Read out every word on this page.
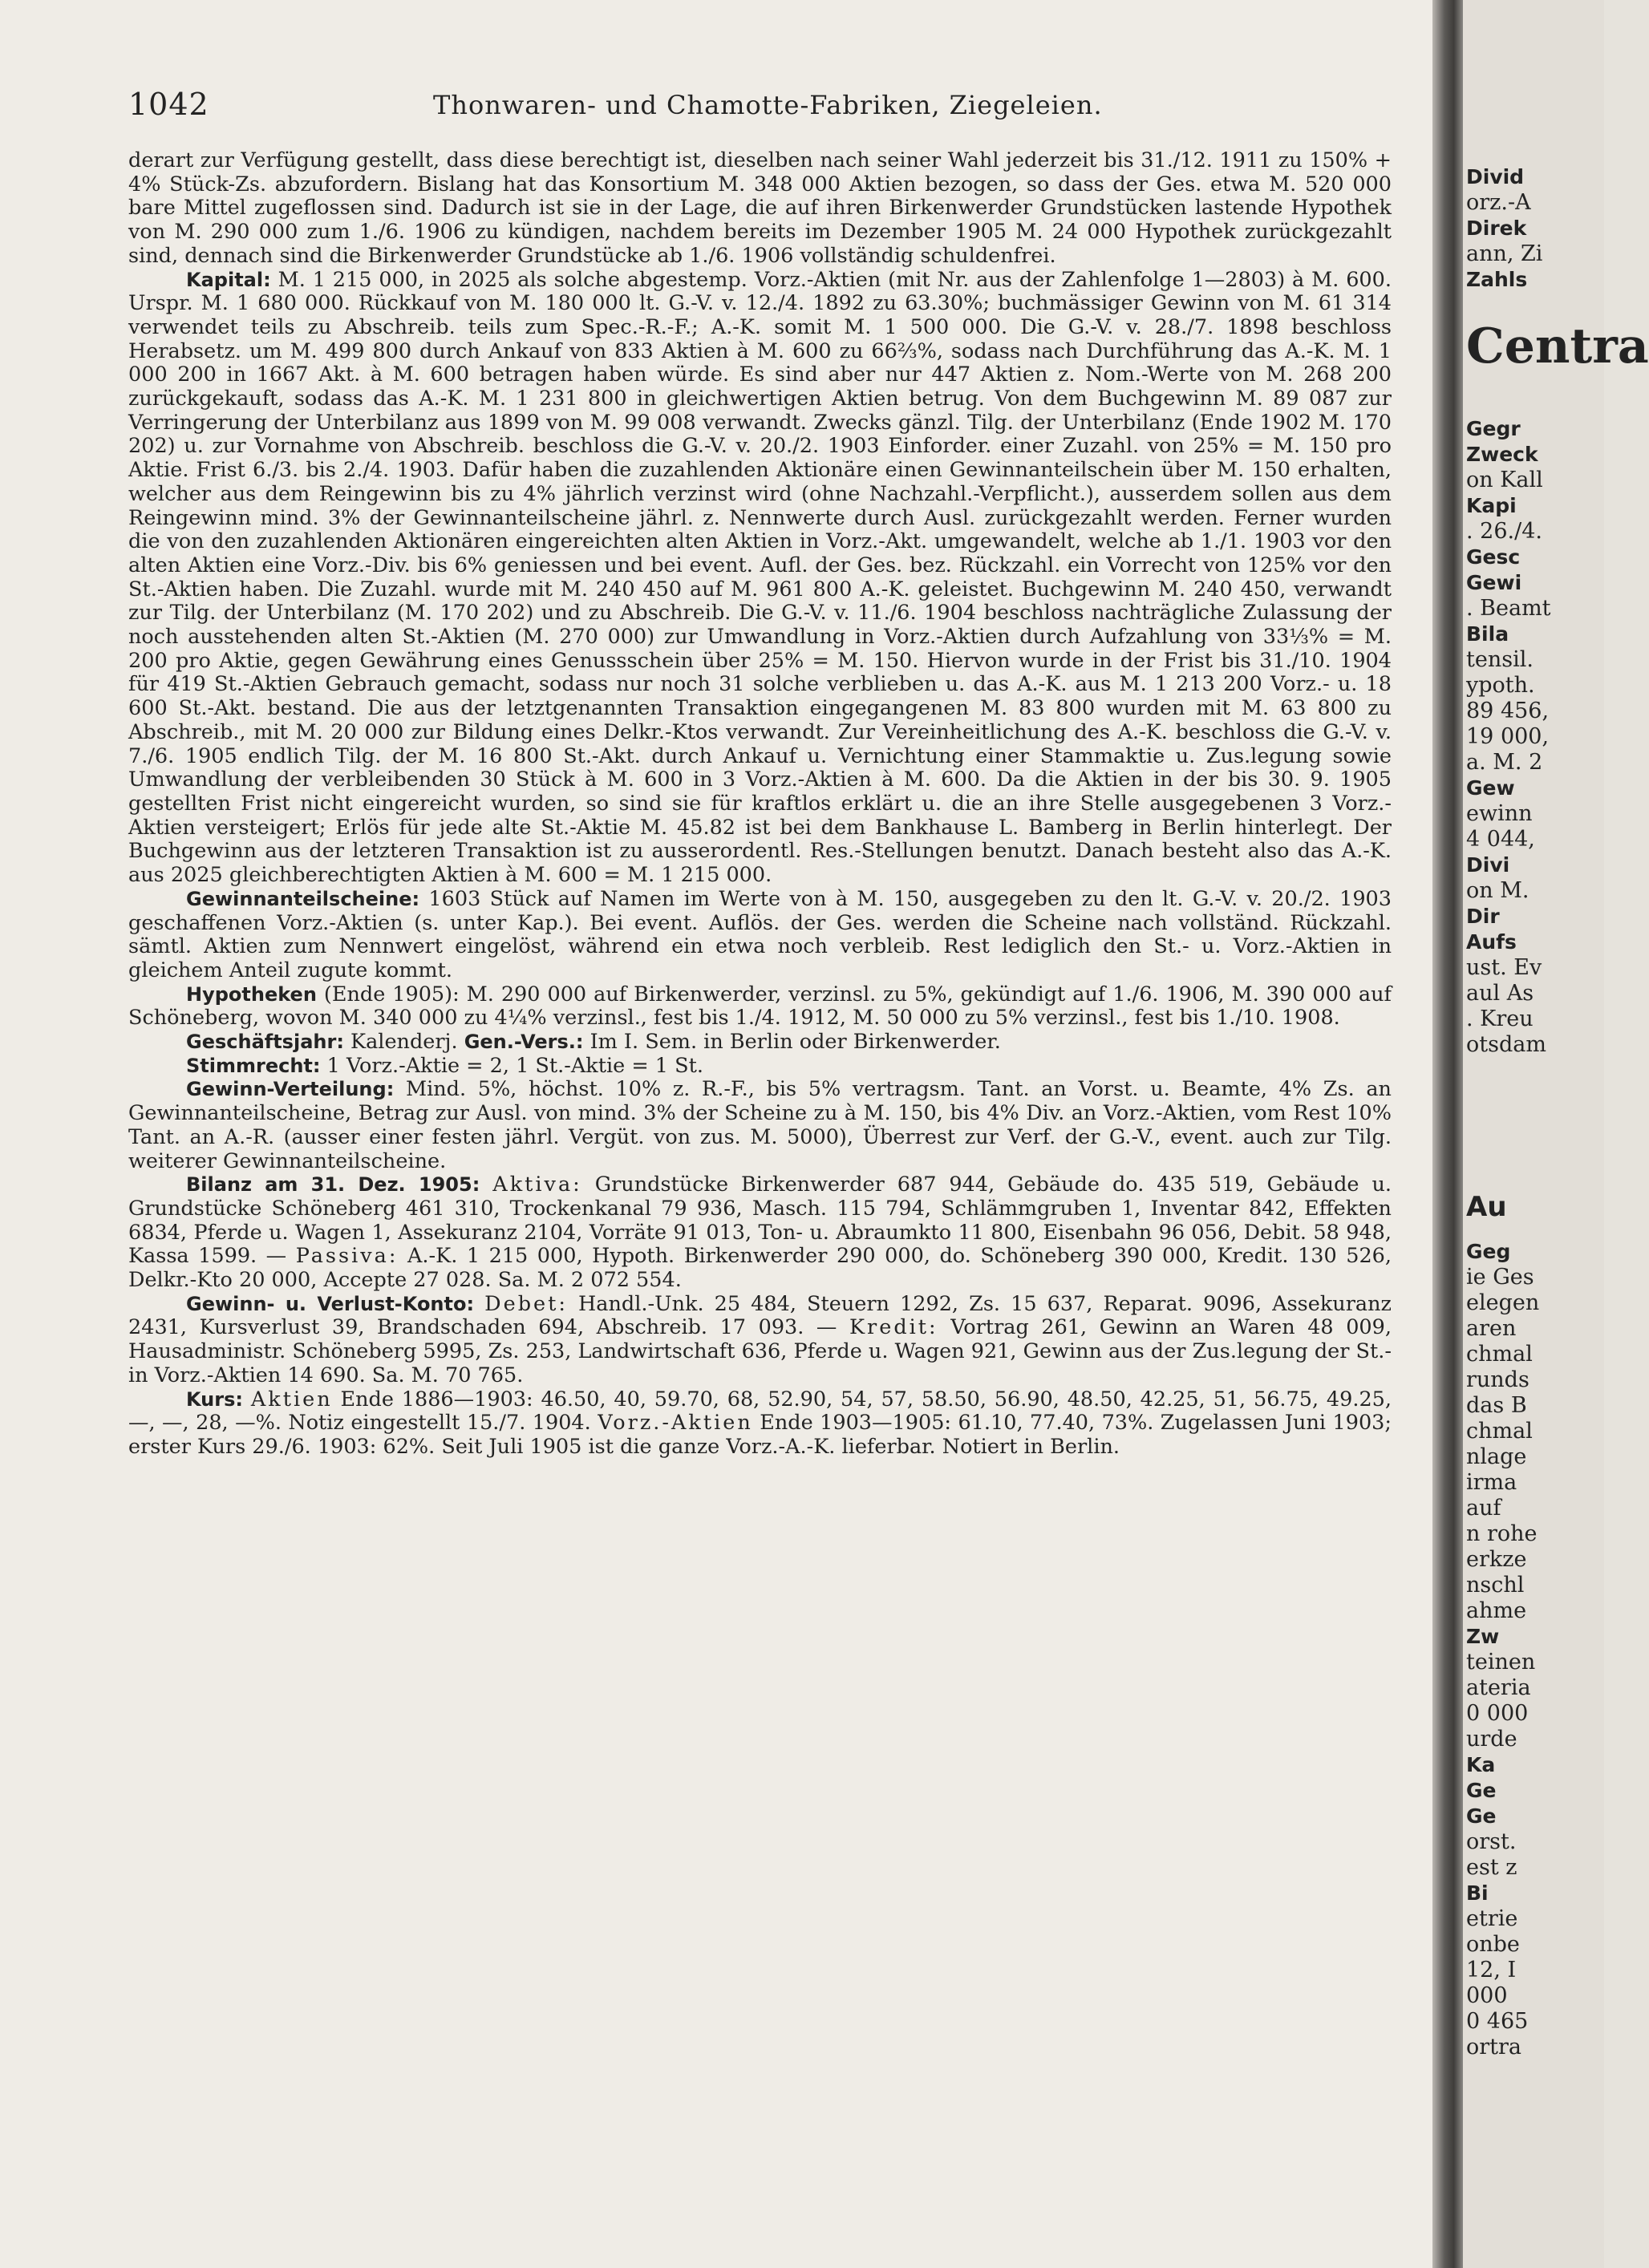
1042	Thonwaren- und Chamotte-Fabriken, Ziegeleien.

derart zur Verfügung gestellt, dass diese berechtigt ist, dieselben nach seiner Wahl jederzeit bis 31./12. 1911 zu 150% + 4% Stück-Zs. abzufordern. Bislang hat das Konsortium M. 348 000 Aktien bezogen, so dass der Ges. etwa M. 520 000 bare Mittel zugeflossen sind. Dadurch ist sie in der Lage, die auf ihren Birkenwerder Grundstücken lastende Hypothek von M. 290 000 zum 1./6. 1906 zu kündigen, nachdem bereits im Dezember 1905 M. 24 000 Hypothek zurückgezahlt sind, dennach sind die Birkenwerder Grundstücke ab 1./6. 1906 vollständig schuldenfrei.

Kapital: M. 1 215 000, in 2025 als solche abgestemp. Vorz.-Aktien (mit Nr. aus der Zahlenfolge 1—2803) à M. 600. Urspr. M. 1 680 000. Rückkauf von M. 180 000 lt. G.-V. v. 12./4. 1892 zu 63.30%; buchmässiger Gewinn von M. 61 314 verwendet teils zu Abschreib. teils zum Spec.-R.-F.; A.-K. somit M. 1 500 000. Die G.-V. v. 28./7. 1898 beschloss Herabsetz. um M. 499 800 durch Ankauf von 833 Aktien à M. 600 zu 66⅔%, sodass nach Durchführung das A.-K. M. 1 000 200 in 1667 Akt. à M. 600 betragen haben würde. Es sind aber nur 447 Aktien z. Nom.-Werte von M. 268 200 zurückgekauft, sodass das A.-K. M. 1 231 800 in gleichwertigen Aktien betrug. Von dem Buchgewinn M. 89 087 zur Verringerung der Unterbilanz aus 1899 von M. 99 008 verwandt. Zwecks gänzl. Tilg. der Unterbilanz (Ende 1902 M. 170 202) u. zur Vornahme von Abschreib. beschloss die G.-V. v. 20./2. 1903 Einforder. einer Zuzahl. von 25% = M. 150 pro Aktie. Frist 6./3. bis 2./4. 1903. Dafür haben die zuzahlenden Aktionäre einen Gewinnanteilschein über M. 150 erhalten, welcher aus dem Reingewinn bis zu 4% jährlich verzinst wird (ohne Nachzahl.-Verpflicht.), ausserdem sollen aus dem Reingewinn mind. 3% der Gewinnanteilscheine jährl. z. Nennwerte durch Ausl. zurückgezahlt werden. Ferner wurden die von den zuzahlenden Aktionären eingereichten alten Aktien in Vorz.-Akt. umgewandelt, welche ab 1./1. 1903 vor den alten Aktien eine Vorz.-Div. bis 6% geniessen und bei event. Aufl. der Ges. bez. Rückzahl. ein Vorrecht von 125% vor den St.-Aktien haben. Die Zuzahl. wurde mit M. 240 450 auf M. 961 800 A.-K. geleistet. Buchgewinn M. 240 450, verwandt zur Tilg. der Unterbilanz (M. 170 202) und zu Abschreib. Die G.-V. v. 11./6. 1904 beschloss nachträgliche Zulassung der noch ausstehenden alten St.-Aktien (M. 270 000) zur Umwandlung in Vorz.-Aktien durch Aufzahlung von 33⅓% = M. 200 pro Aktie, gegen Gewährung eines Genussschein über 25% = M. 150. Hiervon wurde in der Frist bis 31./10. 1904 für 419 St.-Aktien Gebrauch gemacht, sodass nur noch 31 solche verblieben u. das A.-K. aus M. 1 213 200 Vorz.- u. 18 600 St.-Akt. bestand. Die aus der letztgenannten Transaktion eingegangenen M. 83 800 wurden mit M. 63 800 zu Abschreib., mit M. 20 000 zur Bildung eines Delkr.-Ktos verwandt. Zur Vereinheitlichung des A.-K. beschloss die G.-V. v. 7./6. 1905 endlich Tilg. der M. 16 800 St.-Akt. durch Ankauf u. Vernichtung einer Stammaktie u. Zus.legung sowie Umwandlung der verbleibenden 30 Stück à M. 600 in 3 Vorz.-Aktien à M. 600. Da die Aktien in der bis 30. 9. 1905 gestellten Frist nicht eingereicht wurden, so sind sie für kraftlos erklärt u. die an ihre Stelle ausgegebenen 3 Vorz.-Aktien versteigert; Erlös für jede alte St.-Aktie M. 45.82 ist bei dem Bankhause L. Bamberg in Berlin hinterlegt. Der Buchgewinn aus der letzteren Transaktion ist zu ausserordentl. Res.-Stellungen benutzt. Danach besteht also das A.-K. aus 2025 gleichberechtigten Aktien à M. 600 = M. 1 215 000.

Gewinnanteilscheine: 1603 Stück auf Namen im Werte von à M. 150, ausgegeben zu den lt. G.-V. v. 20./2. 1903 geschaffenen Vorz.-Aktien (s. unter Kap.). Bei event. Auflös. der Ges. werden die Scheine nach vollständ. Rückzahl. sämtl. Aktien zum Nennwert eingelöst, während ein etwa noch verbleib. Rest lediglich den St.- u. Vorz.-Aktien in gleichem Anteil zugute kommt.

Hypotheken (Ende 1905): M. 290 000 auf Birkenwerder, verzinsl. zu 5%, gekündigt auf 1./6. 1906, M. 390 000 auf Schöneberg, wovon M. 340 000 zu 4¼% verzinsl., fest bis 1./4. 1912, M. 50 000 zu 5% verzinsl., fest bis 1./10. 1908.

Geschäftsjahr: Kalenderj. Gen.-Vers.: Im I. Sem. in Berlin oder Birkenwerder.

Stimmrecht: 1 Vorz.-Aktie = 2, 1 St.-Aktie = 1 St.

Gewinn-Verteilung: Mind. 5%, höchst. 10% z. R.-F., bis 5% vertragsm. Tant. an Vorst. u. Beamte, 4% Zs. an Gewinnanteilscheine, Betrag zur Ausl. von mind. 3% der Scheine zu à M. 150, bis 4% Div. an Vorz.-Aktien, vom Rest 10% Tant. an A.-R. (ausser einer festen jährl. Vergüt. von zus. M. 5000), Überrest zur Verf. der G.-V., event. auch zur Tilg. weiterer Gewinnanteilscheine.

Bilanz am 31. Dez. 1905: Aktiva: Grundstücke Birkenwerder 687 944, Gebäude do. 435 519, Gebäude u. Grundstücke Schöneberg 461 310, Trockenkanal 79 936, Masch. 115 794, Schlämmgruben 1, Inventar 842, Effekten 6834, Pferde u. Wagen 1, Assekuranz 2104, Vorräte 91 013, Ton- u. Abraumkto 11 800, Eisenbahn 96 056, Debit. 58 948, Kassa 1599. — Passiva: A.-K. 1 215 000, Hypoth. Birkenwerder 290 000, do. Schöneberg 390 000, Kredit. 130 526, Delkr.-Kto 20 000, Accepte 27 028. Sa. M. 2 072 554.

Gewinn- u. Verlust-Konto: Debet: Handl.-Unk. 25 484, Steuern 1292, Zs. 15 637, Reparat. 9096, Assekuranz 2431, Kursverlust 39, Brandschaden 694, Abschreib. 17 093. — Kredit: Vortrag 261, Gewinn an Waren 48 009, Hausadministr. Schöneberg 5995, Zs. 253, Landwirtschaft 636, Pferde u. Wagen 921, Gewinn aus der Zus.legung der St.- in Vorz.-Aktien 14 690. Sa. M. 70 765.

Kurs: Aktien Ende 1886—1903: 46.50, 40, 59.70, 68, 52.90, 54, 57, 58.50, 56.90, 48.50, 42.25, 51, 56.75, 49.25, —, —, 28, —%. Notiz eingestellt 15./7. 1904. Vorz.-Aktien Ende 1903—1905: 61.10, 77.40, 73%. Zugelassen Juni 1903; erster Kurs 29./6. 1903: 62%. Seit Juli 1905 ist die ganze Vorz.-A.-K. lieferbar. Notiert in Berlin.

Divid
orz.-A
Direk
ann, Zi
Zahls
Centra
Gegr
Zweck
on Kall
Kapi
. 26./4.
Gesc
Gewi
. Beamt
Bila
tensil.
ypoth.
89 456,
19 000,
a. M. 2
Gew
ewinn
4 044,
Divi
on M.
Dir
Aufs
ust. Ev
aul As
. Kreu
otsdam
Au
Geg
ie Ges
elegen
aren
chmal
runds
das B
chmal
nlage
irma
auf
n rohe
erkze
nschl
ahme
Zw
teinen
ateria
0 000
urde
Ka
Ge
Ge
orst.
est z
Bi
etrie
onbe
12, I
000
0 465
ortra
